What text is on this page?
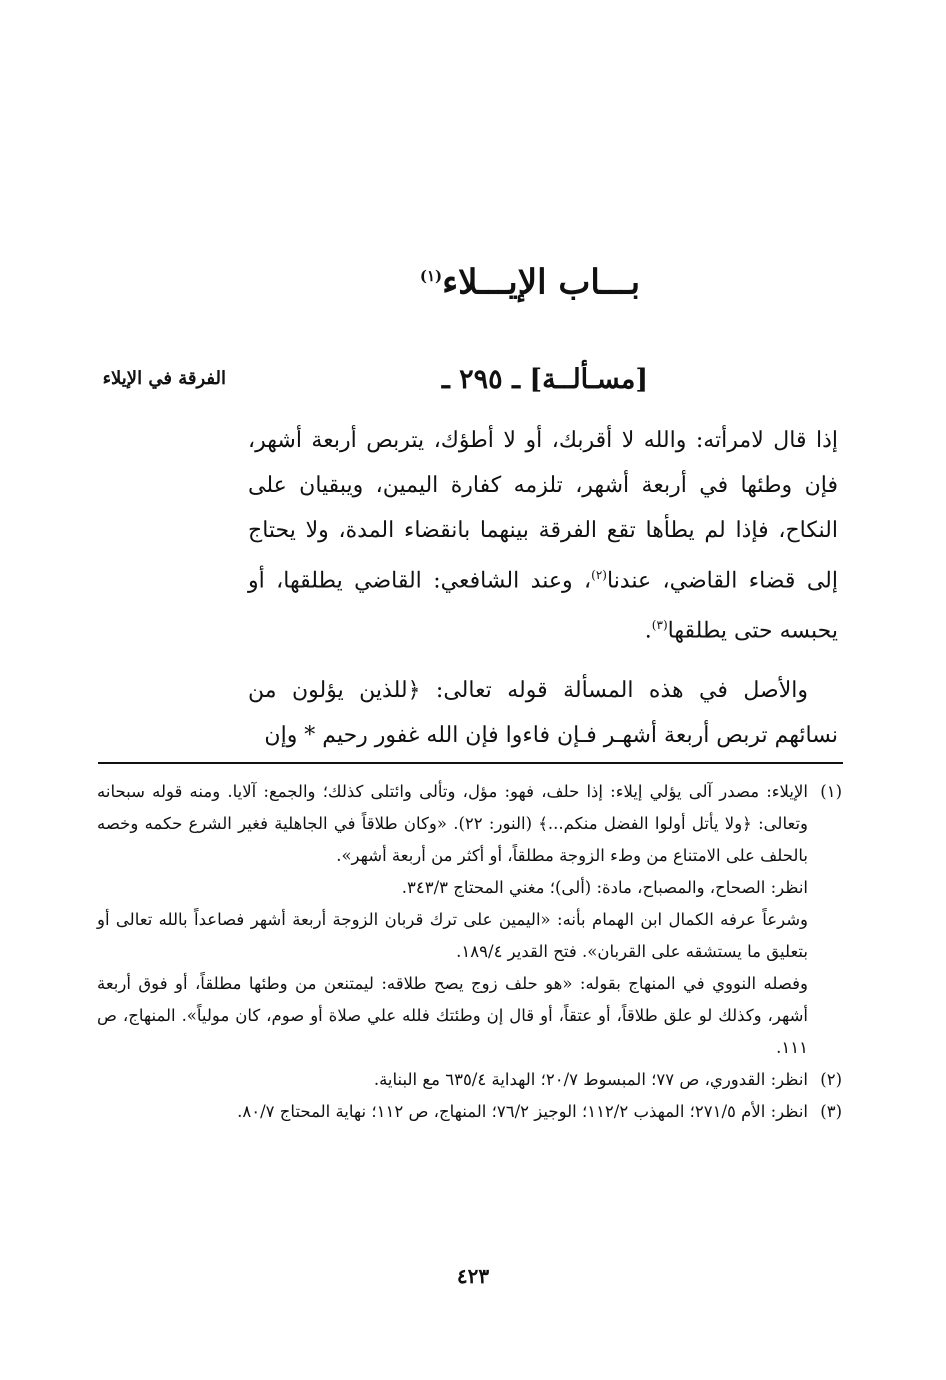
بـــاب الإيـــلاء$^{(١)}$
[مسـألــة] ـ ٢٩٥ ـ
الفرقة في الإيلاء

إذا قال لامرأته: والله لا أقربك، أو لا أطؤك، يتربص أربعة أشهر، فإن وطئها في أربعة أشهر، تلزمه كفارة اليمين، ويبقيان على النكاح، فإذا لم يطأها تقع الفرقة بينهما بانقضاء المدة، ولا يحتاج إلى قضاء القاضي، عندنا$^{(٢)}$، وعند الشافعي: القاضي يطلقها، أو يحبسه حتى يطلقها$^{(٣)}$.

والأصل في هذه المسألة قوله تعالى: ﴿للذين يؤلون من نسائهم تربص أربعة أشهـر فـإن فاءوا فإن الله غفور رحيم * وإن

(١)
الإيلاء: مصدر آلى يؤلي إيلاء: إذا حلف، فهو: مؤل، وتألى وائتلى كذلك؛ والجمع: آلايا. ومنه قوله سبحانه وتعالى: ﴿ولا يأتل أولوا الفضل منكم...﴾ (النور: ٢٢). «وكان طلاقاً في الجاهلية فغير الشرع حكمه وخصه بالحلف على الامتناع من وطء الزوجة مطلقاً، أو أكثر من أربعة أشهر».

انظر: الصحاح، والمصباح، مادة: (ألى)؛ مغني المحتاج ٣٤٣/٣.

وشرعاً عرفه الكمال ابن الهمام بأنه: «اليمين على ترك قربان الزوجة أربعة أشهر فصاعداً بالله تعالى أو بتعليق ما يستشقه على القربان». فتح القدير ١٨٩/٤.

وفصله النووي في المنهاج بقوله: «هو حلف زوج يصح طلاقه: ليمتنعن من وطئها مطلقاً، أو فوق أربعة أشهر، وكذلك لو علق طلاقاً، أو عتقاً، أو قال إن وطئتك فلله علي صلاة أو صوم، كان مولياً». المنهاج، ص ١١١.

(٢)
انظر: القدوري، ص ٧٧؛ المبسوط ٢٠/٧؛ الهداية ٦٣٥/٤ مع البناية.

(٣)
انظر: الأم ٢٧١/٥؛ المهذب ١١٢/٢؛ الوجيز ٧٦/٢؛ المنهاج، ص ١١٢؛ نهاية المحتاج ٨٠/٧.

٤٢٣
